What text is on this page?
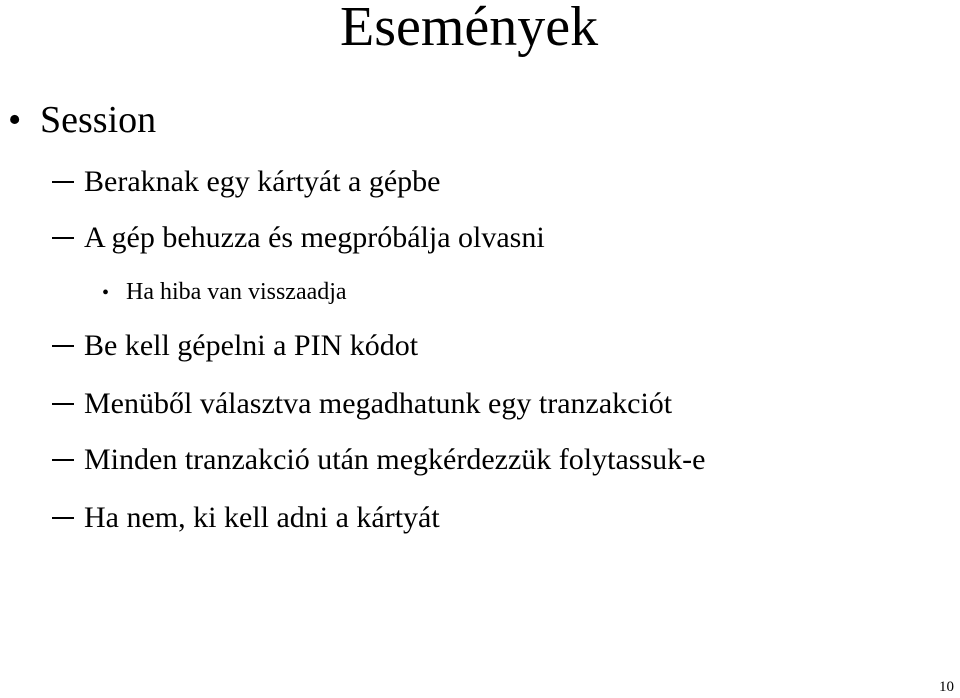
Események
• Session
Beraknak egy kártyát a gépbe
A gép behuzza és megpróbálja olvasni
• Ha hiba van visszaadja
Be kell gépelni a PIN kódot
Menüből választva megadhatunk egy tranzakciót
Minden tranzakció után megkérdezzük folytassuk-e
Ha nem, ki kell adni a kártyát
10
